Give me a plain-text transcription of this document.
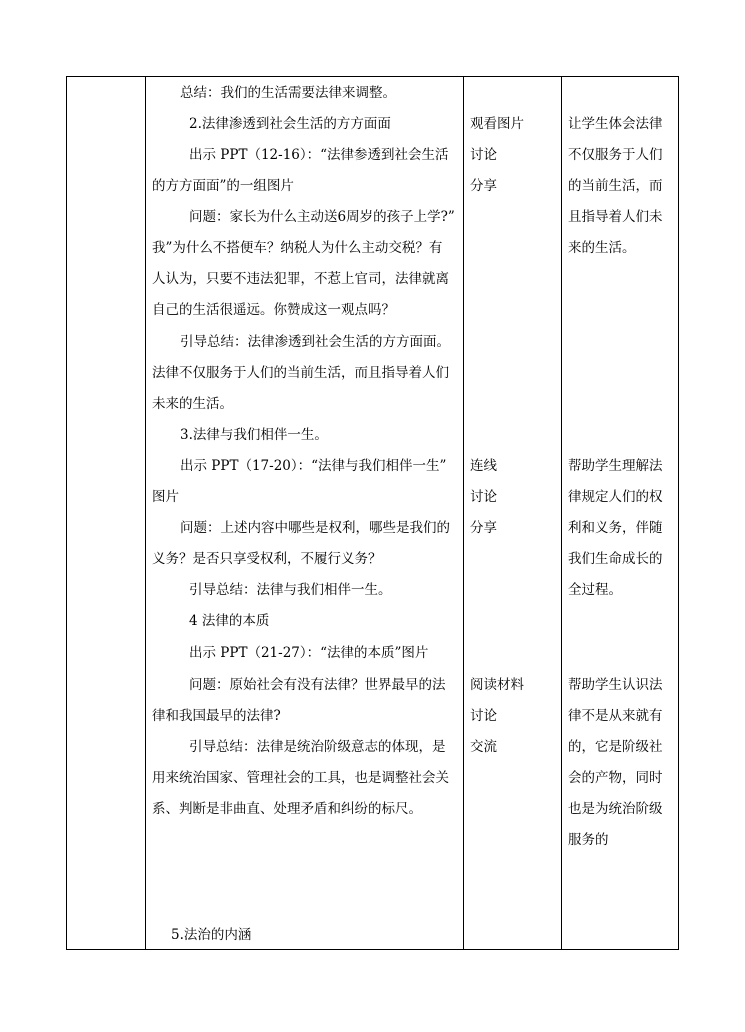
总结：我们的生活需要法律来调整。
2.法律渗透到社会生活的方方面面
出示 PPT（12-16）：“法律参透到社会生活
的方方面面”的一组图片
问题：家长为什么主动送6周岁的孩子上学?”
我”为什么不搭便车？纳税人为什么主动交税？有
人认为，只要不违法犯罪，不惹上官司，法律就离
自己的生活很遥远。你赞成这一观点吗？
引导总结：法律渗透到社会生活的方方面面。
法律不仅服务于人们的当前生活，而且指导着人们
未来的生活。
3.法律与我们相伴一生。
出示 PPT（17-20）：“法律与我们相伴一生”
图片
问题：上述内容中哪些是权利，哪些是我们的
义务？是否只享受权利，不履行义务？
引导总结：法律与我们相伴一生。
4 法律的本质
出示 PPT（21-27）：“法律的本质”图片
问题：原始社会有没有法律？世界最早的法
律和我国最早的法律?
引导总结：法律是统治阶级意志的体现，是
用来统治国家、管理社会的工具，也是调整社会关
系、判断是非曲直、处理矛盾和纠纷的标尺。
5.法治的内涵
观看图片
讨论
分享
连线
讨论
分享
阅读材料
讨论
交流
让学生体会法律
不仅服务于人们
的当前生活，而
且指导着人们未
来的生活。
帮助学生理解法
律规定人们的权
利和义务，伴随
我们生命成长的
全过程。
帮助学生认识法
律不是从来就有
的，它是阶级社
会的产物，同时
也是为统治阶级
服务的
